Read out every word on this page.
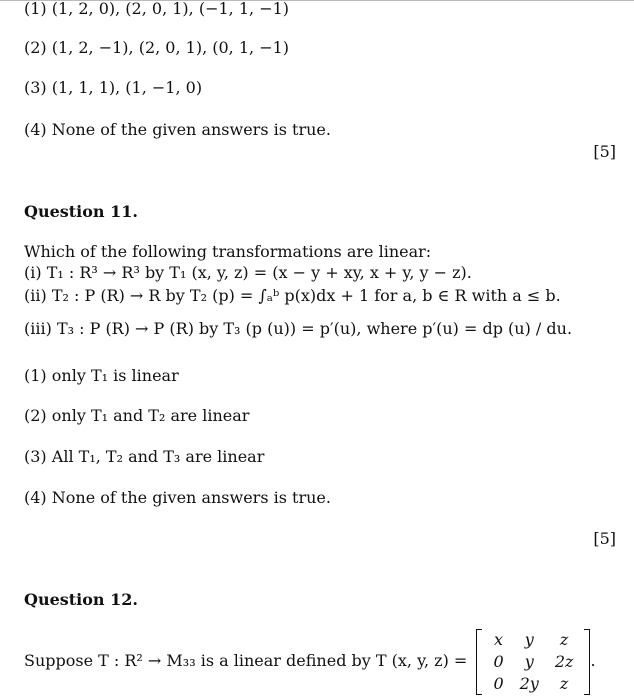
(1) (1, 2, 0), (2, 0, 1), (−1, 1, −1)
(2) (1, 2, −1), (2, 0, 1), (0, 1, −1)
(3) (1, 1, 1), (1, −1, 0)
(4) None of the given answers is true.
[5]
Question 11.
Which of the following transformations are linear:
(i) T₁ : R³ → R³ by T₁ (x, y, z) = (x − y + xy, x + y, y − z).
(ii) T₂ : P (R) → R by T₂ (p) = ∫ₐᵇ p(x)dx + 1 for a, b ∈ R with a ≤ b.
(iii) T₃ : P (R) → P (R) by T₃ (p (u)) = p′(u), where p′(u) = dp (u) / du.
(1) only T₁ is linear
(2) only T₁ and T₂ are linear
(3) All T₁, T₂ and T₃ are linear
(4) None of the given answers is true.
[5]
Question 12.
Suppose T : R² → M₃₃ is a linear defined by T (x, y, z) =
x	y	z
0	y	2z
0	2y	z
.
